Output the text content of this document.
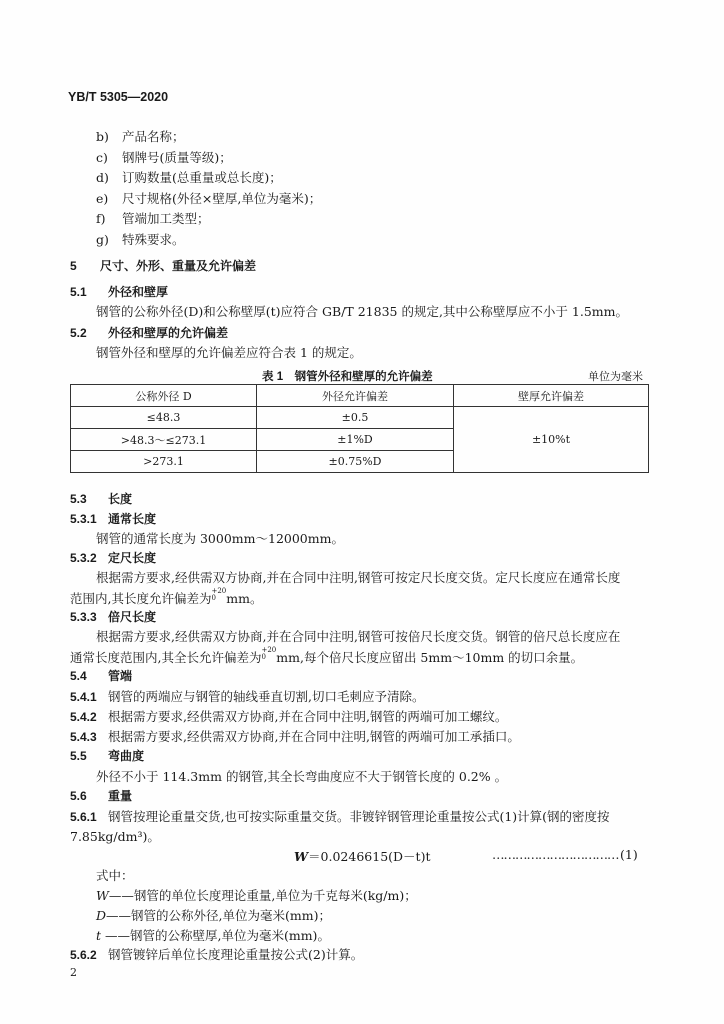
YB/T 5305—2020
b) 产品名称；
c) 钢牌号(质量等级)；
d) 订购数量(总重量或总长度)；
e) 尺寸规格(外径×壁厚,单位为毫米)；
f) 管端加工类型；
g) 特殊要求。
5 尺寸、外形、重量及允许偏差
5.1 外径和壁厚
钢管的公称外径(D)和公称壁厚(t)应符合 GB/T 21835 的规定,其中公称壁厚应不小于 1.5mm。
5.2 外径和壁厚的允许偏差
钢管外径和壁厚的允许偏差应符合表 1 的规定。
表 1　钢管外径和壁厚的允许偏差	单位为毫米
公称外径 D	外径允许偏差	壁厚允许偏差
≤48.3	±0.5	±10%t
>48.3～≤273.1	±1%D	
>273.1	±0.75%D	
5.3 长度
5.3.1 通常长度
钢管的通常长度为 3000mm～12000mm。
5.3.2 定尺长度
根据需方要求,经供需双方协商,并在合同中注明,钢管可按定尺长度交货。定尺长度应在通常长度
范围内,其长度允许偏差为+20
0 mm。
5.3.3 倍尺长度
根据需方要求,经供需双方协商,并在合同中注明,钢管可按倍尺长度交货。钢管的倍尺总长度应在
通常长度范围内,其全长允许偏差为+20
0 mm,每个倍尺长度应留出 5mm～10mm 的切口余量。
5.4 管端
5.4.1 钢管的两端应与钢管的轴线垂直切割,切口毛刺应予清除。
5.4.2 根据需方要求,经供需双方协商,并在合同中注明,钢管的两端可加工螺纹。
5.4.3 根据需方要求,经供需双方协商,并在合同中注明,钢管的两端可加工承插口。
5.5 弯曲度
外径不小于 114.3mm 的钢管,其全长弯曲度应不大于钢管长度的 0.2% 。
5.6 重量
5.6.1 钢管按理论重量交货,也可按实际重量交货。非镀锌钢管理论重量按公式(1)计算(钢的密度按
7.85kg/dm³)。
W＝0.0246615(D－t)t	…………………………… (1)
式中：
W——钢管的单位长度理论重量,单位为千克每米(kg/m)；
D——钢管的公称外径,单位为毫米(mm)；
t ——钢管的公称壁厚,单位为毫米(mm)。
5.6.2 钢管镀锌后单位长度理论重量按公式(2)计算。
2
